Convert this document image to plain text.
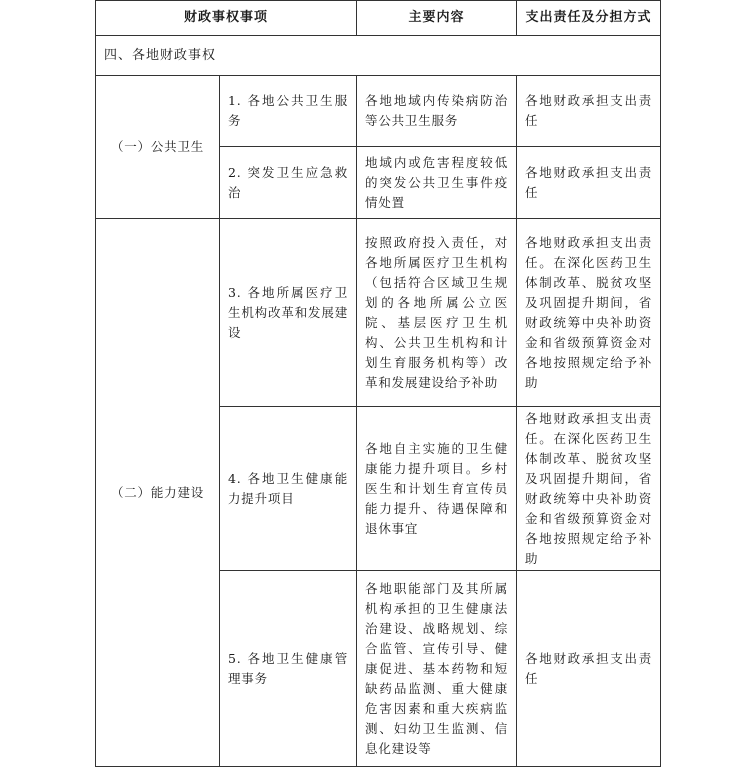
财政事权事项		主要内容	支出责任及分担方式
四、各地财政事权			
（一）公共卫生	1. 各地公共卫生服务	各地地域内传染病防治等公共卫生服务	各地财政承担支出责任
	2. 突发卫生应急救治	地域内或危害程度较低的突发公共卫生事件疫情处置	各地财政承担支出责任
（二）能力建设	3. 各地所属医疗卫生机构改革和发展建设	按照政府投入责任，对各地所属医疗卫生机构（包括符合区域卫生规划的各地所属公立医院、基层医疗卫生机构、公共卫生机构和计划生育服务机构等）改革和发展建设给予补助	各地财政承担支出责任。在深化医药卫生体制改革、脱贫攻坚及巩固提升期间，省财政统筹中央补助资金和省级预算资金对各地按照规定给予补助
	4. 各地卫生健康能力提升项目	各地自主实施的卫生健康能力提升项目。乡村医生和计划生育宣传员能力提升、待遇保障和退休事宜	各地财政承担支出责任。在深化医药卫生体制改革、脱贫攻坚及巩固提升期间，省财政统筹中央补助资金和省级预算资金对各地按照规定给予补助
	5. 各地卫生健康管理事务	各地职能部门及其所属机构承担的卫生健康法治建设、战略规划、综合监管、宣传引导、健康促进、基本药物和短缺药品监测、重大健康危害因素和重大疾病监测、妇幼卫生监测、信息化建设等	各地财政承担支出责任
